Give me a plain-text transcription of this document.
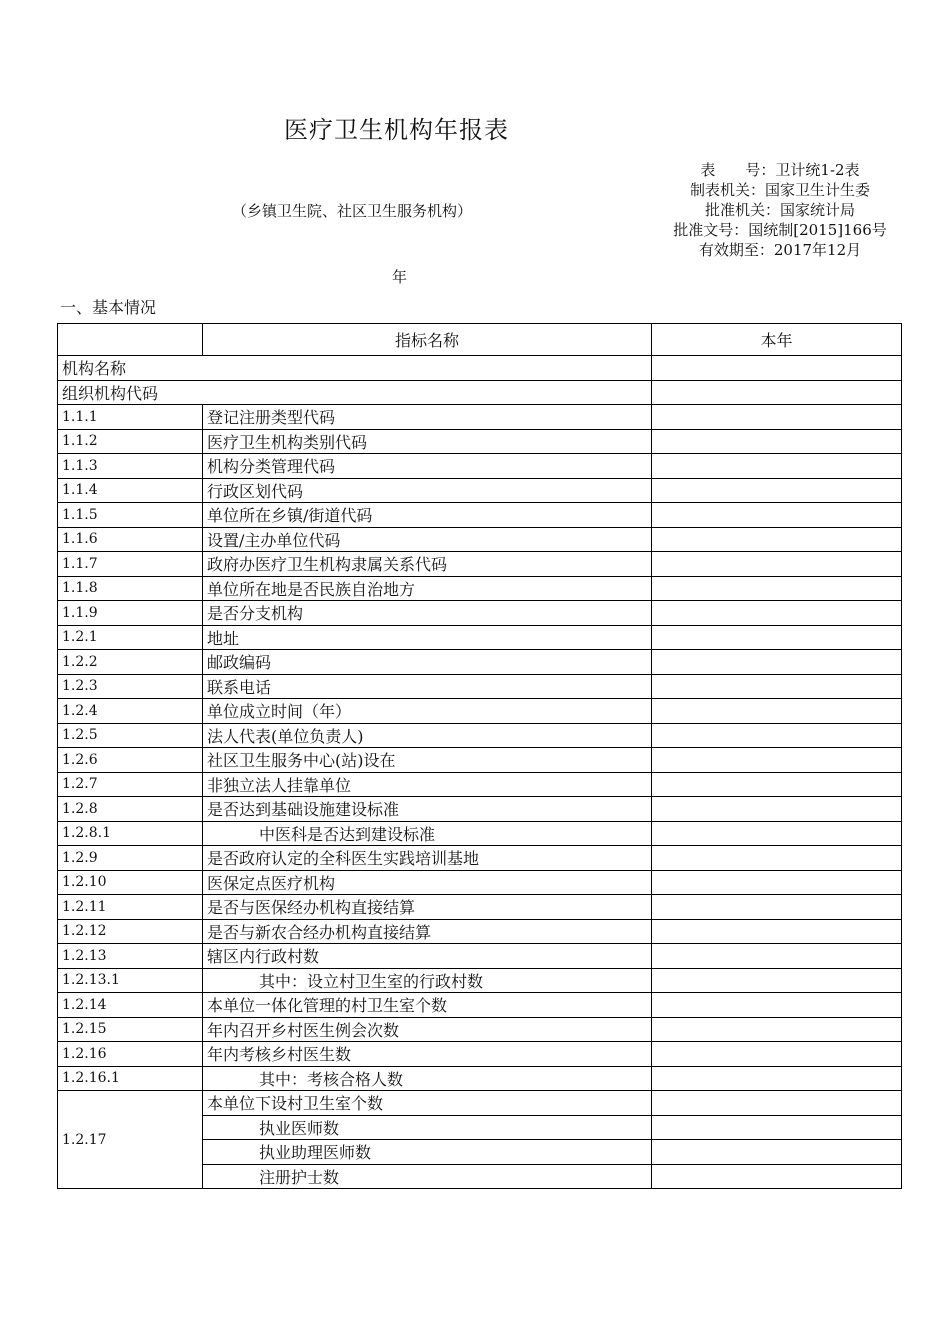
医疗卫生机构年报表
（乡镇卫生院、社区卫生服务机构）
表　　号：卫计统1-2表
制表机关：国家卫生计生委
批准机关：国家统计局
批准文号：国统制[2015]166号
有效期至：2017年12月
年
一、基本情况
	指标名称	本年
机构名称		
组织机构代码		
1.1.1	登记注册类型代码	
1.1.2	医疗卫生机构类别代码	
1.1.3	机构分类管理代码	
1.1.4	行政区划代码	
1.1.5	单位所在乡镇/街道代码	
1.1.6	设置/主办单位代码	
1.1.7	政府办医疗卫生机构隶属关系代码	
1.1.8	单位所在地是否民族自治地方	
1.1.9	是否分支机构	
1.2.1	地址	
1.2.2	邮政编码	
1.2.3	联系电话	
1.2.4	单位成立时间（年）	
1.2.5	法人代表(单位负责人)	
1.2.6	社区卫生服务中心(站)设在	
1.2.7	非独立法人挂靠单位	
1.2.8	是否达到基础设施建设标准	
1.2.8.1	中医科是否达到建设标准	
1.2.9	是否政府认定的全科医生实践培训基地	
1.2.10	医保定点医疗机构	
1.2.11	是否与医保经办机构直接结算	
1.2.12	是否与新农合经办机构直接结算	
1.2.13	辖区内行政村数	
1.2.13.1	其中：设立村卫生室的行政村数	
1.2.14	本单位一体化管理的村卫生室个数	
1.2.15	年内召开乡村医生例会次数	
1.2.16	年内考核乡村医生数	
1.2.16.1	其中：考核合格人数	
1.2.17	本单位下设村卫生室个数	
	执业医师数	
	执业助理医师数	
	注册护士数	
